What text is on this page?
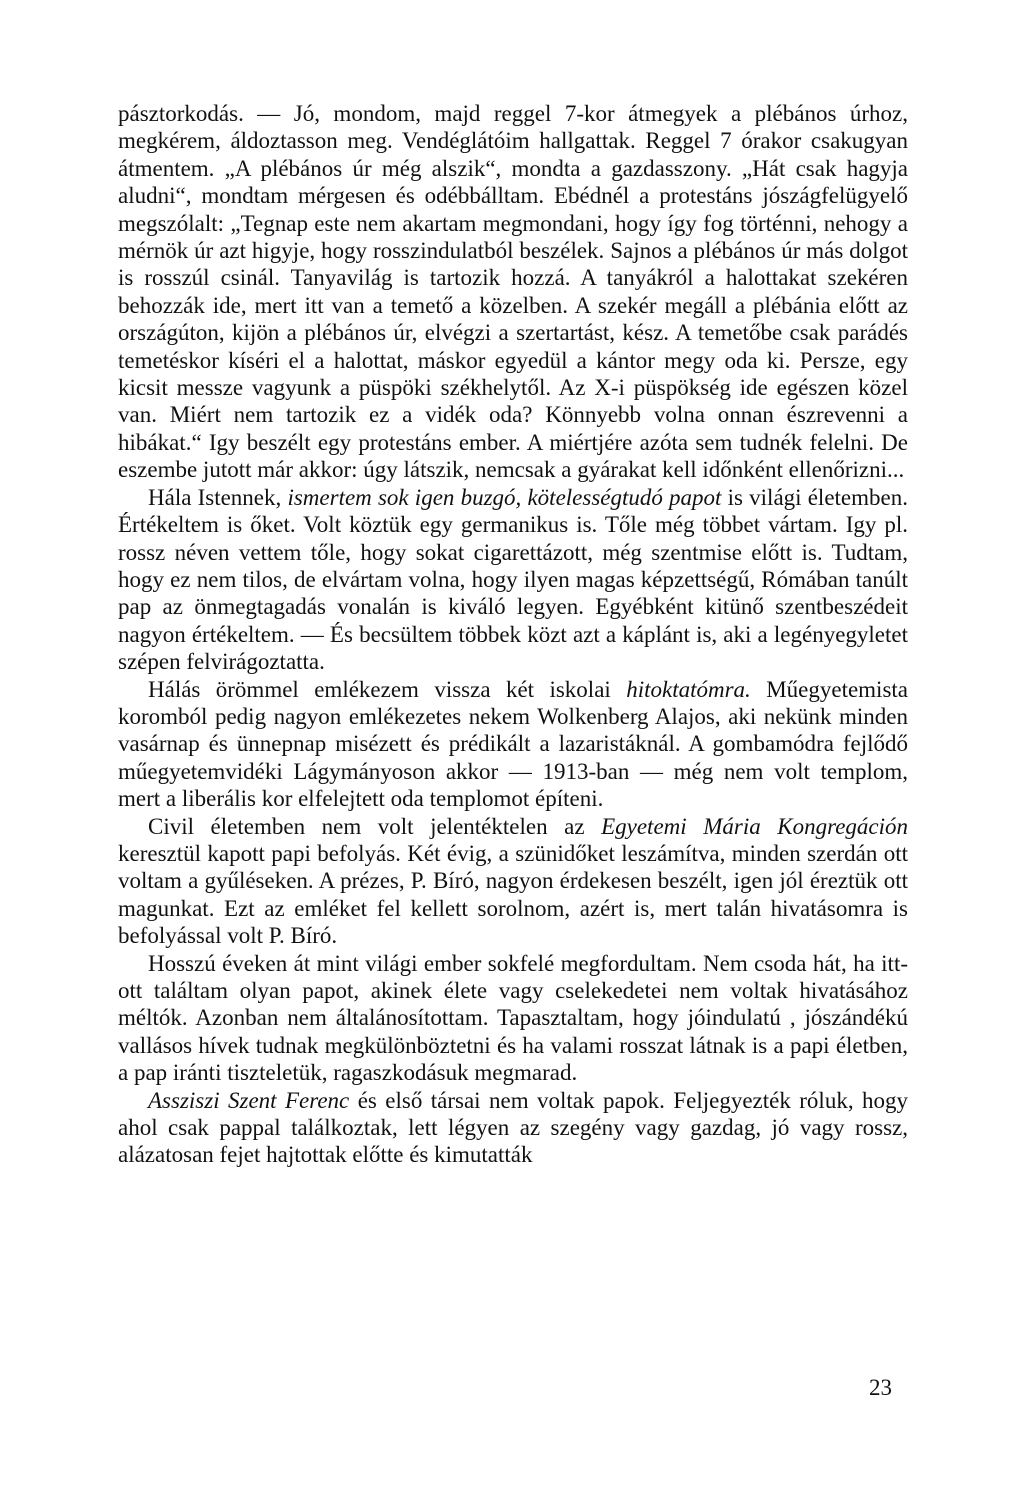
pásztorkodás. — Jó, mondom, majd reggel 7-kor átmegyek a plébános úrhoz, megkérem, áldoztasson meg. Vendéglátóim hallgattak. Reggel 7 órakor csakugyan átmentem. „A plébános úr még alszik“, mondta a gazdasszony. „Hát csak hagyja aludni“, mondtam mérgesen és odébbálltam. Ebédnél a protestáns jószágfelügyelő megszólalt: „Tegnap este nem akartam megmondani, hogy így fog történni, nehogy a mérnök úr azt higyje, hogy rosszindulatból beszélek. Sajnos a plébános úr más dolgot is rosszúl csinál. Tanyavilág is tartozik hozzá. A tanyákról a halottakat szekéren behozzák ide, mert itt van a temető a közelben. A szekér megáll a plébánia előtt az országúton, kijön a plébános úr, elvégzi a szertartást, kész. A temetőbe csak parádés temetéskor kíséri el a halottat, máskor egyedül a kántor megy oda ki. Persze, egy kicsit messze vagyunk a püspöki székhelytől. Az X-i püspökség ide egészen közel van. Miért nem tartozik ez a vidék oda? Könnyebb volna onnan észrevenni a hibákat.“ Igy beszélt egy protestáns ember. A miértjére azóta sem tudnék felelni. De eszembe jutott már akkor: úgy látszik, nemcsak a gyárakat kell időnként ellenőrizni...

Hála Istennek, ismertem sok igen buzgó, kötelességtudó papot is világi életemben. Értékeltem is őket. Volt köztük egy germanikus is. Tőle még többet vártam. Igy pl. rossz néven vettem tőle, hogy sokat cigarettázott, még szentmise előtt is. Tudtam, hogy ez nem tilos, de elvártam volna, hogy ilyen magas képzettségű, Rómában tanúlt pap az önmegtagadás vonalán is kiváló legyen. Egyébként kitünő szentbeszédeit nagyon értékeltem. — És becsültem többek közt azt a káplánt is, aki a legényegyletet szépen felvirágoztatta.

Hálás örömmel emlékezem vissza két iskolai hitoktatómra. Műegyetemista koromból pedig nagyon emlékezetes nekem Wolkenberg Alajos, aki nekünk minden vasárnap és ünnepnap misézett és prédikált a lazaristáknál. A gombamódra fejlődő műegyetemvidéki Lágymányoson akkor — 1913-ban — még nem volt templom, mert a liberális kor elfelejtett oda templomot építeni.

Civil életemben nem volt jelentéktelen az Egyetemi Mária Kongregáción keresztül kapott papi befolyás. Két évig, a szünidőket leszámítva, minden szerdán ott voltam a gyűléseken. A prézes, P. Bíró, nagyon érdekesen beszélt, igen jól éreztük ott magunkat. Ezt az emléket fel kellett sorolnom, azért is, mert talán hivatásomra is befolyással volt P. Bíró.

Hosszú éveken át mint világi ember sokfelé megfordultam. Nem csoda hát, ha itt-ott találtam olyan papot, akinek élete vagy cselekedetei nem voltak hivatásához méltók. Azonban nem általánosítottam. Tapasztaltam, hogy jóindulatú , jószándékú vallásos hívek tudnak megkülönböztetni és ha valami rosszat látnak is a papi életben, a pap iránti tiszteletük, ragaszkodásuk megmarad.

Assziszi Szent Ferenc és első társai nem voltak papok. Feljegyezték róluk, hogy ahol csak pappal találkoztak, lett légyen az szegény vagy gazdag, jó vagy rossz, alázatosan fejet hajtottak előtte és kimutatták

23
